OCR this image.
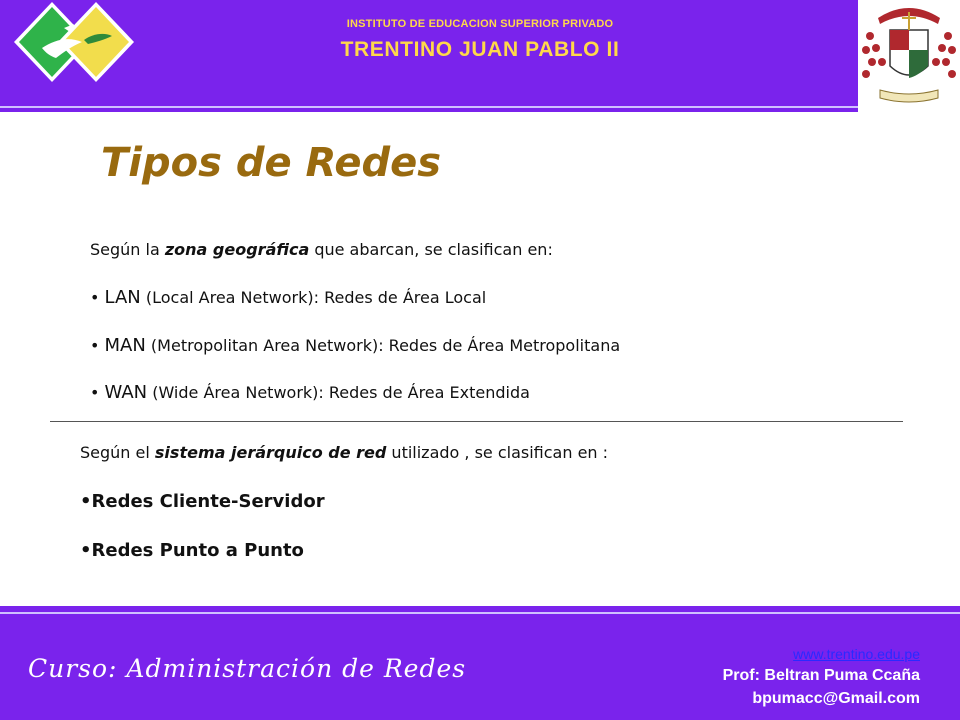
INSTITUTO DE EDUCACION SUPERIOR PRIVADO
TRENTINO JUAN PABLO II
Tipos de Redes
Según la zona geográfica que abarcan, se clasifican en:
• LAN (Local Area Network): Redes de Área Local
• MAN (Metropolitan Area Network): Redes de Área Metropolitana
• WAN (Wide Área Network): Redes de Área Extendida
Según el sistema jerárquico de red utilizado , se clasifican en :
•Redes Cliente-Servidor
•Redes Punto a Punto
Curso: Administración de Redes	www.trentino.edu.pe
Prof: Beltran Puma Ccaña
bpumacc@Gmail.com
